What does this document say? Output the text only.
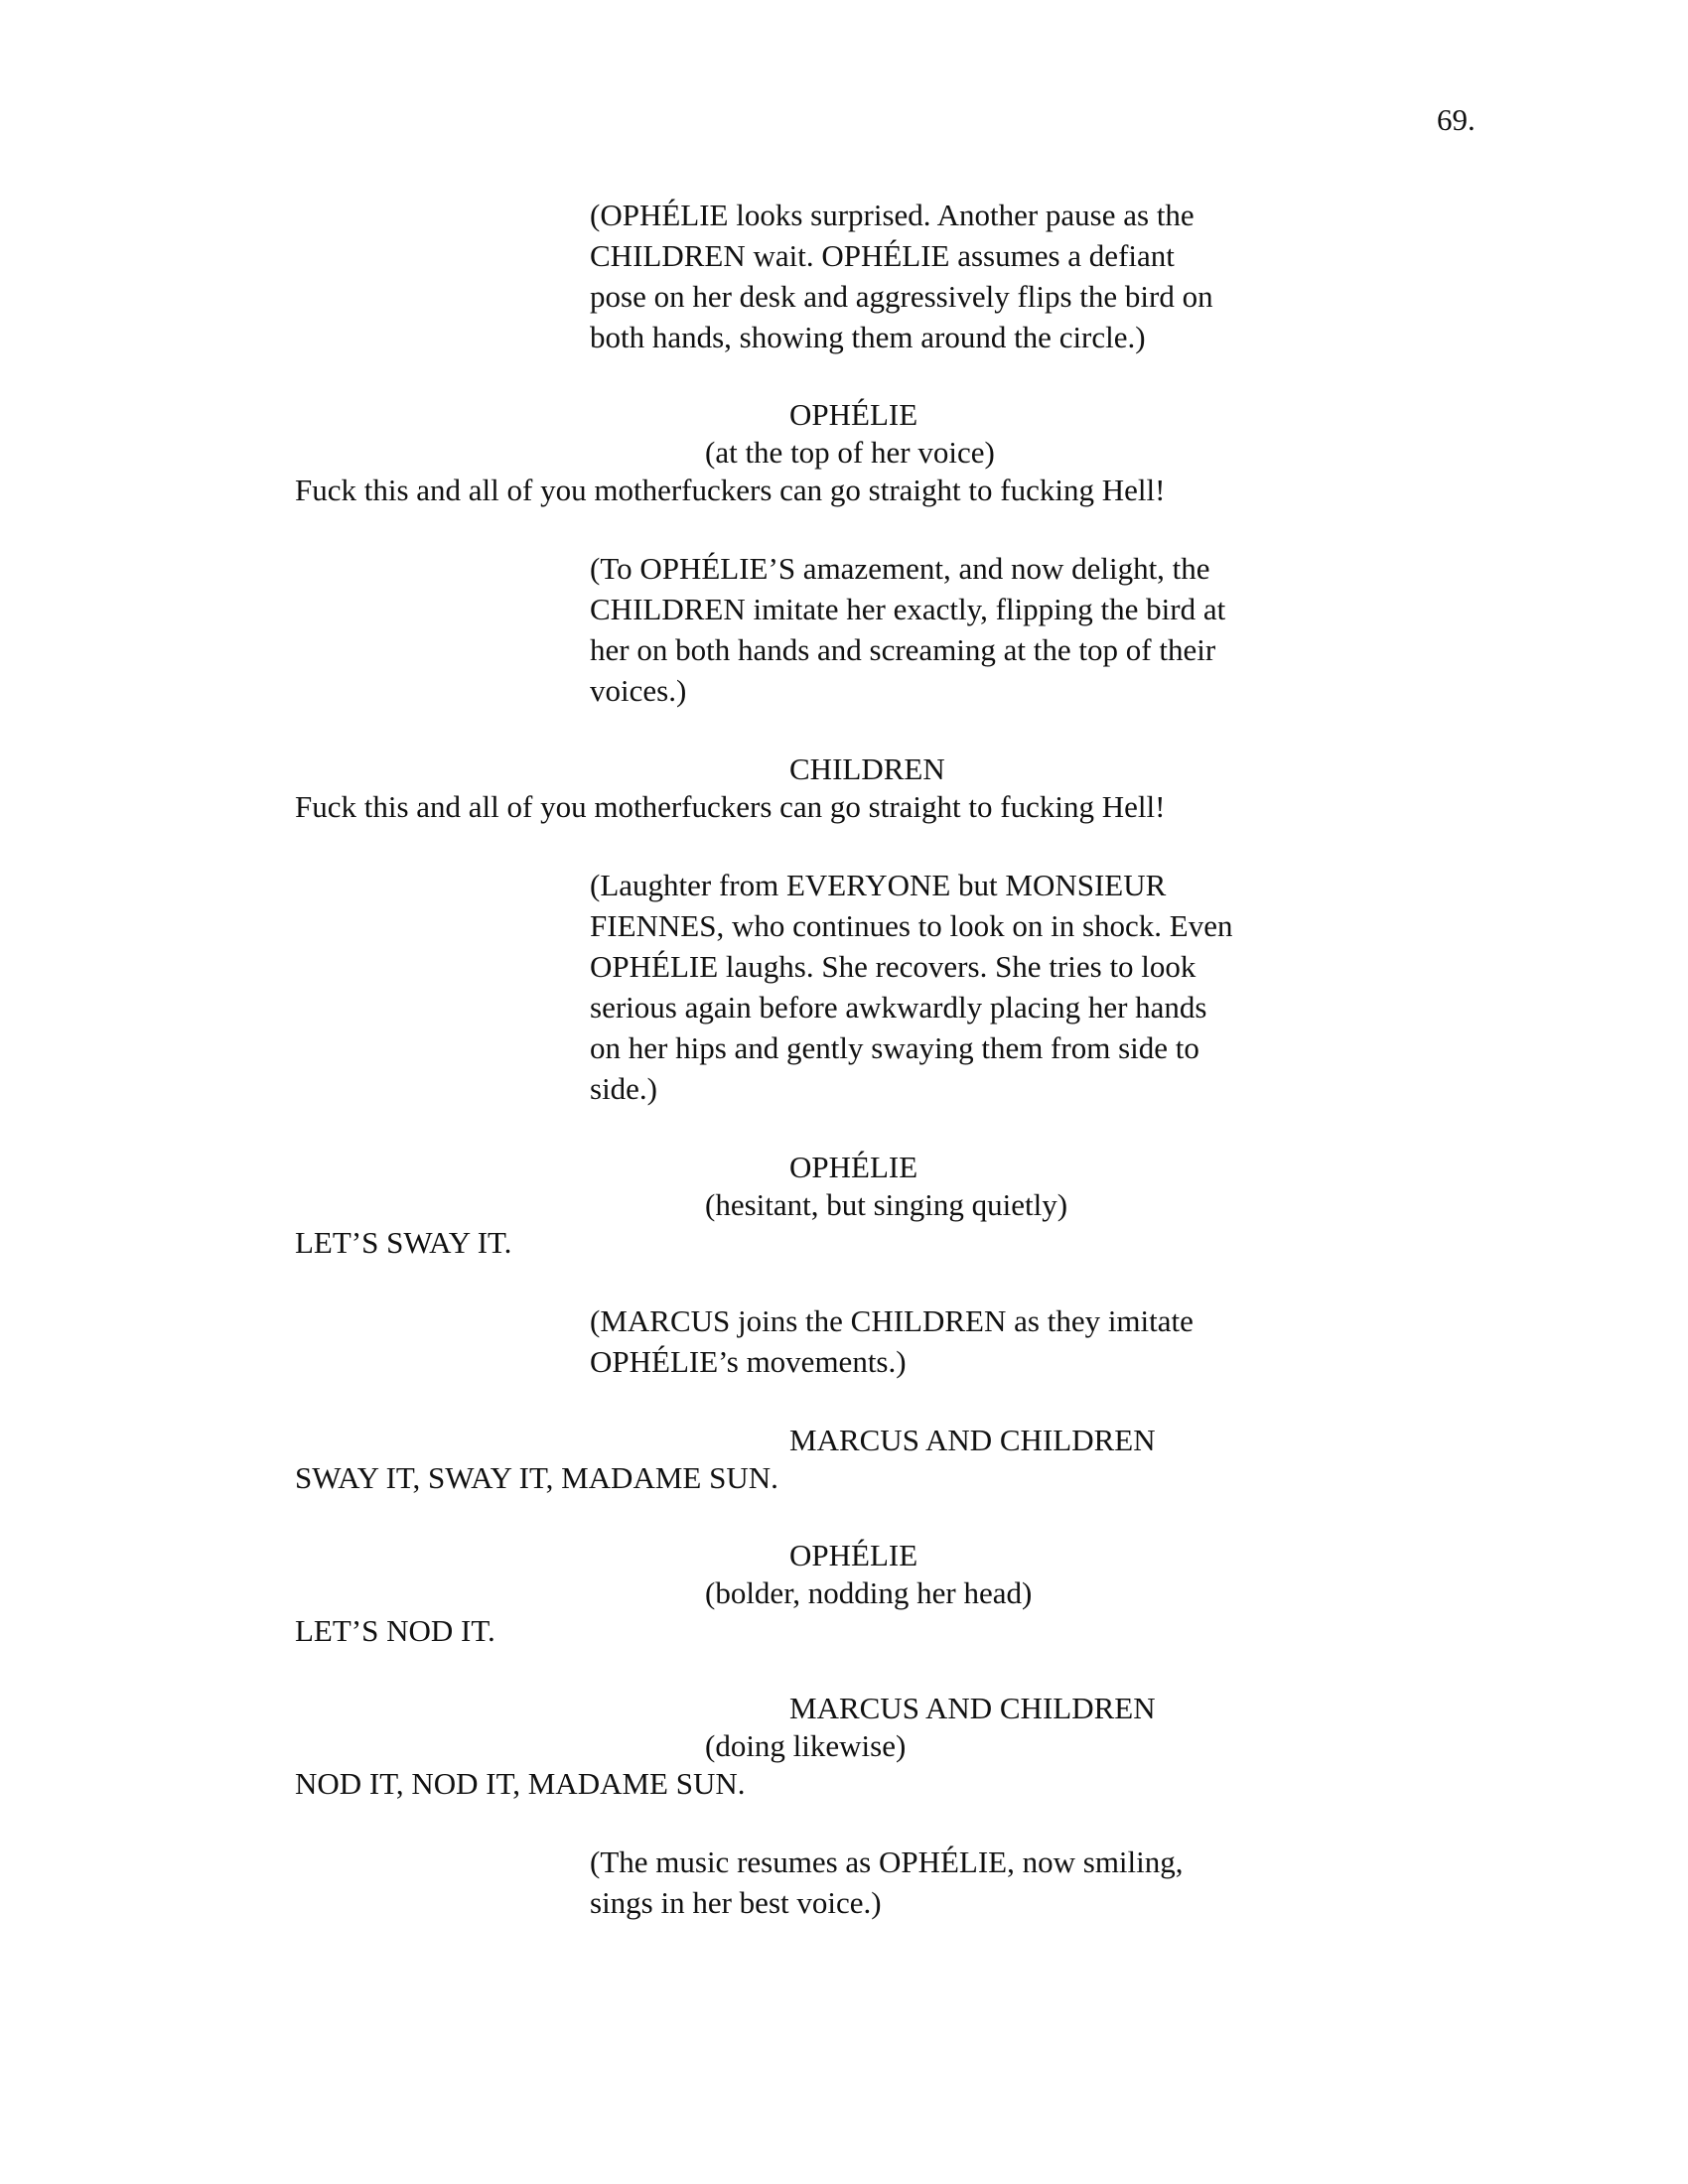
69.
(OPHÉLIE looks surprised. Another pause as the
CHILDREN wait. OPHÉLIE assumes a defiant
pose on her desk and aggressively flips the bird on
both hands, showing them around the circle.)
OPHÉLIE
(at the top of her voice)
Fuck this and all of you motherfuckers can go straight to fucking Hell!
(To OPHÉLIE’S amazement, and now delight, the
CHILDREN imitate her exactly, flipping the bird at
her on both hands and screaming at the top of their
voices.)
CHILDREN
Fuck this and all of you motherfuckers can go straight to fucking Hell!
(Laughter from EVERYONE but MONSIEUR
FIENNES, who continues to look on in shock. Even
OPHÉLIE laughs. She recovers. She tries to look
serious again before awkwardly placing her hands
on her hips and gently swaying them from side to
side.)
OPHÉLIE
(hesitant, but singing quietly)
LET’S SWAY IT.
(MARCUS joins the CHILDREN as they imitate
OPHÉLIE’s movements.)
MARCUS AND CHILDREN
SWAY IT, SWAY IT, MADAME SUN.
OPHÉLIE
(bolder, nodding her head)
LET’S NOD IT.
MARCUS AND CHILDREN
(doing likewise)
NOD IT, NOD IT, MADAME SUN.
(The music resumes as OPHÉLIE, now smiling,
sings in her best voice.)
